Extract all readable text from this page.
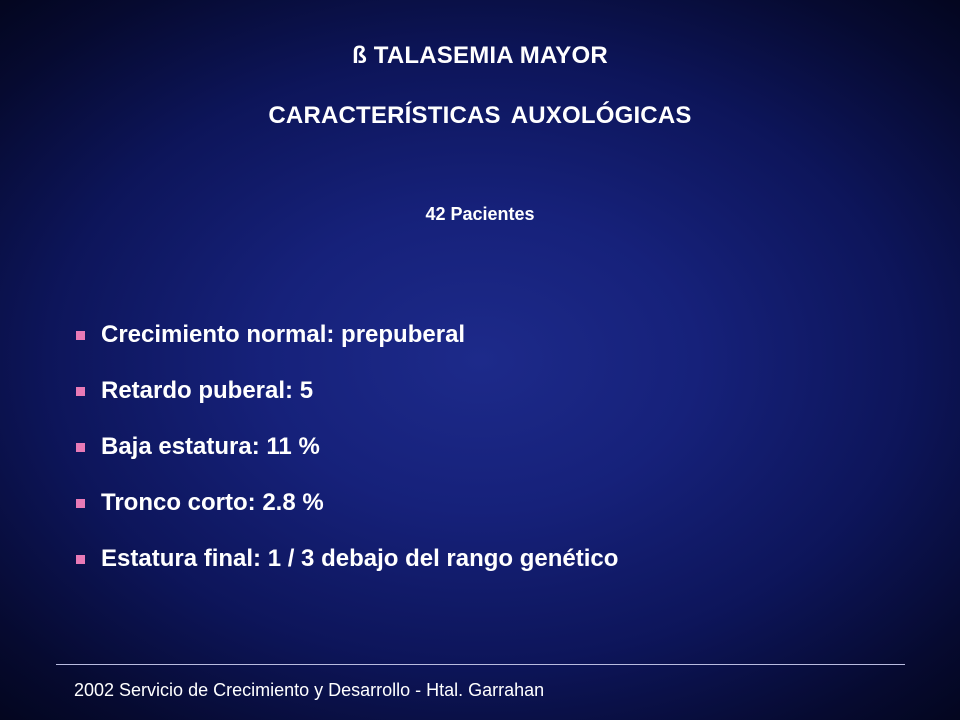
ß TALASEMIA MAYOR
CARACTERÍSTICAS AUXOLÓGICAS
42 Pacientes
Crecimiento normal: prepuberal
Retardo puberal: 5
Baja estatura: 11 %
Tronco corto: 2.8 %
Estatura final: 1 / 3 debajo del rango genético
2002 Servicio de Crecimiento y Desarrollo - Htal. Garrahan
